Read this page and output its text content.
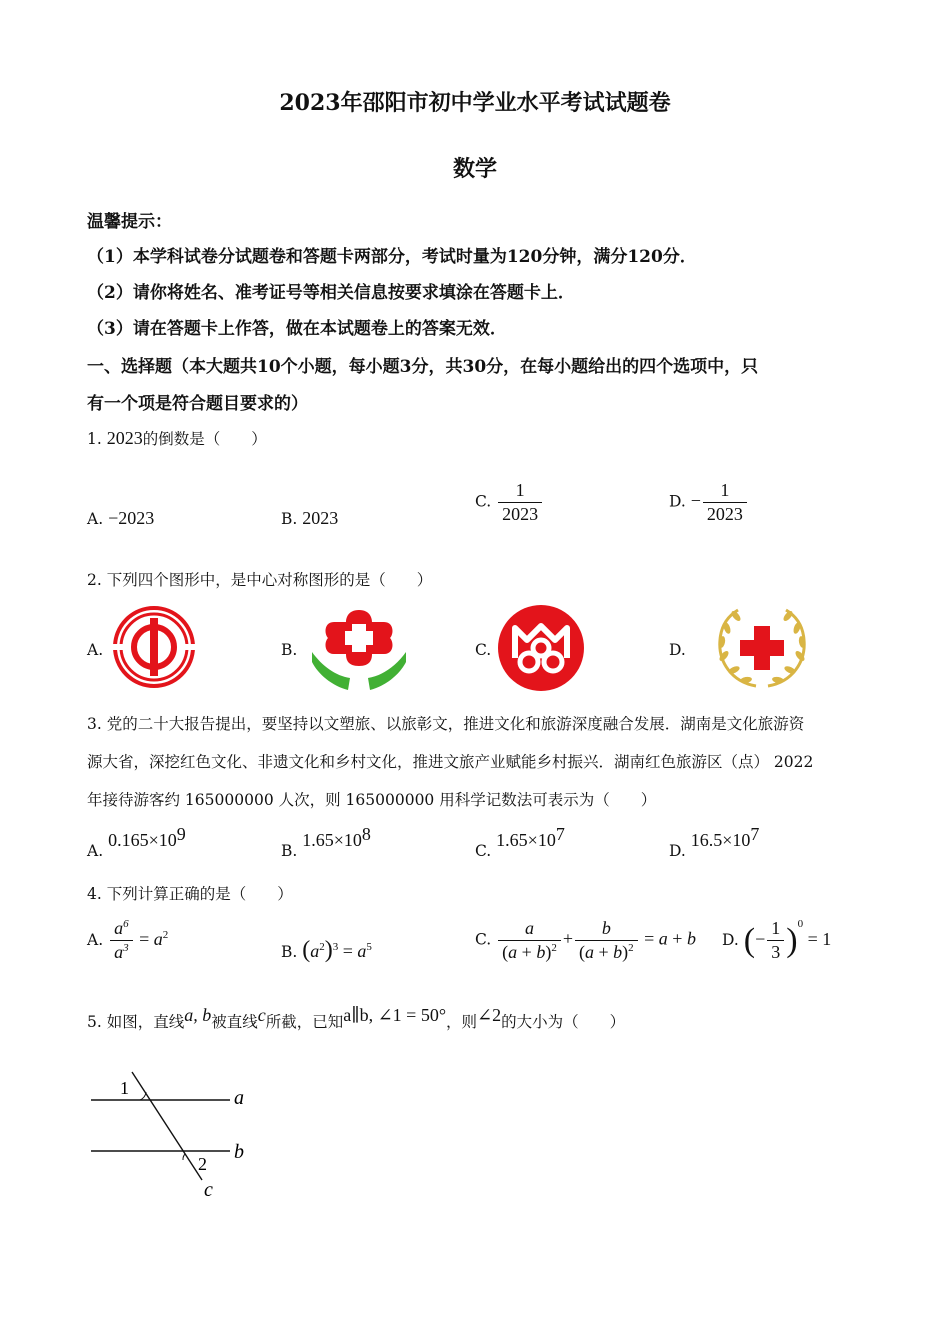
2023年邵阳市初中学业水平考试试题卷
数学
温馨提示：
（1）本学科试卷分试题卷和答题卡两部分，考试时量为120分钟，满分120分．
（2）请你将姓名、准考证号等相关信息按要求填涂在答题卡上．
（3）请在答题卡上作答，做在本试题卷上的答案无效．
一、选择题（本大题共10个小题，每小题3分，共30分，在每小题给出的四个选项中，只
有一个项是符合题目要求的）
1. 2023的倒数是（　　）
A. −2023	B. 2023
C. $\frac{1}{2023}$	D. − $\frac{1}{2023}$
2. 下列四个图形中，是中心对称图形的是（　　）
A.	B.	C.	D.
3. 党的二十大报告提出，要坚持以文塑旅、以旅彰文，推进文化和旅游深度融合发展．湖南是文化旅游资
源大省，深挖红色文化、非遗文化和乡村文化，推进文旅产业赋能乡村振兴．湖南红色旅游区（点） 2022
年接待游客约 165000000 人次，则 165000000 用科学记数法可表示为（　　）
A. $0.165\times 10^9$
B. $1.65\times 10^8$
C. $1.65\times 10^7$
D. $16.5\times 10^7$
4. 下列计算正确的是（　　）
A. $\frac{a^6}{a^3} = a^2$
B. $(a^2)^3 = a^5$	C. $\frac{a}{(a + b)^2} + \frac{b}{(a + b)^2} = a + b$ D. (− $\frac{1}{3} )^0 = 1$
5. 如图，直线a, b被直线c所截，已知a∥b, ∠1 = 50°，则∠2的大小为（　　）
1
2
a
b
c
